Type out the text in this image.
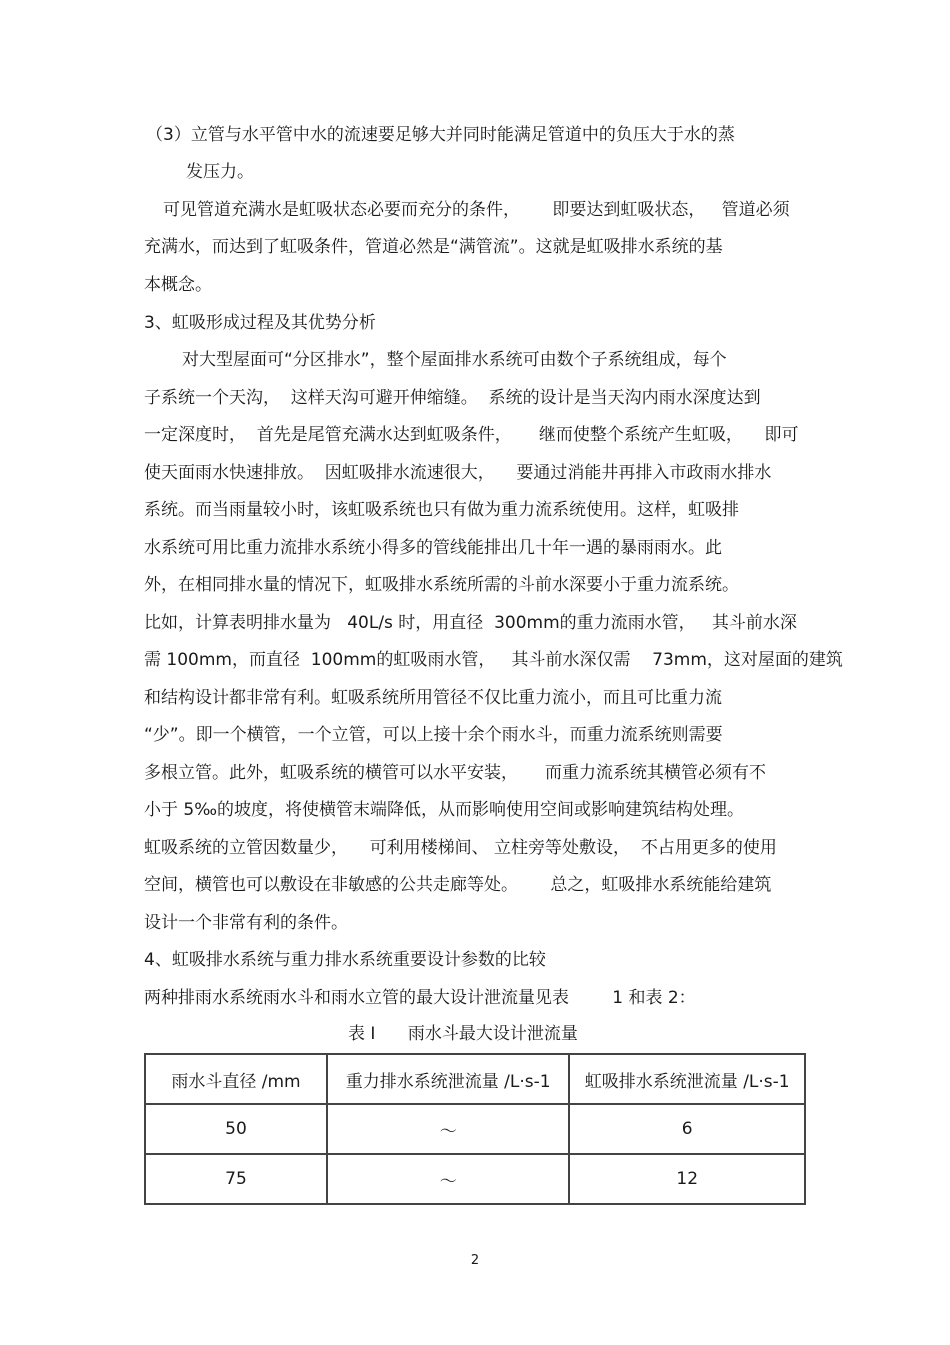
（3）立管与水平管中水的流速要足够大并同时能满足管道中的负压大于水的蒸
发压力。
可见管道充满水是虹吸状态必要而充分的条件，      即要达到虹吸状态，   管道必须
充满水，而达到了虹吸条件，管道必然是“满管流”。这就是虹吸排水系统的基
本概念。
3、虹吸形成过程及其优势分析
对大型屋面可“分区排水”，整个屋面排水系统可由数个子系统组成，每个
子系统一个天沟，  这样天沟可避开伸缩缝。  系统的设计是当天沟内雨水深度达到
一定深度时，  首先是尾管充满水达到虹吸条件，     继而使整个系统产生虹吸，    即可
使天面雨水快速排放。  因虹吸排水流速很大，    要通过消能井再排入市政雨水排水
系统。而当雨量较小时，该虹吸系统也只有做为重力流系统使用。这样，虹吸排
水系统可用比重力流排水系统小得多的管线能排出几十年一遇的暴雨雨水。此
外，在相同排水量的情况下，虹吸排水系统所需的斗前水深要小于重力流系统。
比如，计算表明排水量为   40L/s 时，用直径  300mm的重力流雨水管，   其斗前水深
需 100mm，而直径  100mm的虹吸雨水管，   其斗前水深仅需    73mm，这对屋面的建筑
和结构设计都非常有利。虹吸系统所用管径不仅比重力流小，而且可比重力流
“少”。即一个横管，一个立管，可以上接十余个雨水斗，而重力流系统则需要
多根立管。此外，虹吸系统的横管可以水平安装，     而重力流系统其横管必须有不
小于 5‰的坡度，将使横管末端降低，从而影响使用空间或影响建筑结构处理。
虹吸系统的立管因数量少，    可利用楼梯间、 立柱旁等处敷设，  不占用更多的使用
空间，横管也可以敷设在非敏感的公共走廊等处。      总之，虹吸排水系统能给建筑
设计一个非常有利的条件。
4、虹吸排水系统与重力排水系统重要设计参数的比较
两种排雨水系统雨水斗和雨水立管的最大设计泄流量见表        1 和表 2：
表 I      雨水斗最大设计泄流量
雨水斗直径 /mm	重力排水系统泄流量 /L·s-1	虹吸排水系统泄流量 /L·s-1
50	～	6
75	～	12
2
